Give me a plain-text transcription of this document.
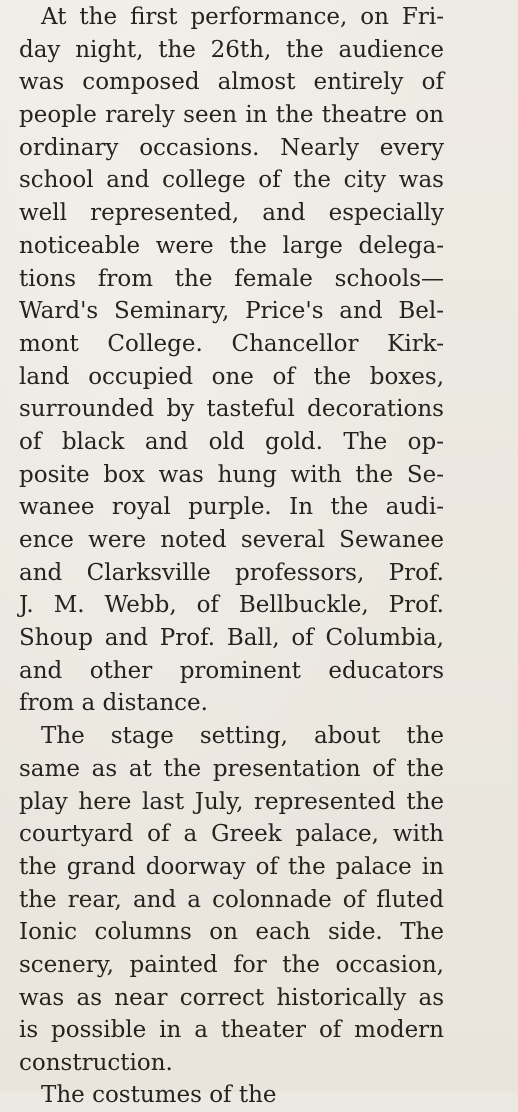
At the first performance, on Fri-
day night, the 26th, the audience
was composed almost entirely of
people rarely seen in the theatre on
ordinary occasions. Nearly every
school and college of the city was
well represented, and especially
noticeable were the large delega-
tions from the female schools—
Ward's Seminary, Price's and Bel-
mont College. Chancellor Kirk-
land occupied one of the boxes,
surrounded by tasteful decorations
of black and old gold. The op-
posite box was hung with the Se-
wanee royal purple. In the audi-
ence were noted several Sewanee
and Clarksville professors, Prof.
J. M. Webb, of Bellbuckle, Prof.
Shoup and Prof. Ball, of Columbia,
and other prominent educators
from a distance.
The stage setting, about the
same as at the presentation of the
play here last July, represented the
courtyard of a Greek palace, with
the grand doorway of the palace in
the rear, and a colonnade of fluted
Ionic columns on each side. The
scenery, painted for the occasion,
was as near correct historically as
is possible in a theater of modern
construction.
The costumes of the
